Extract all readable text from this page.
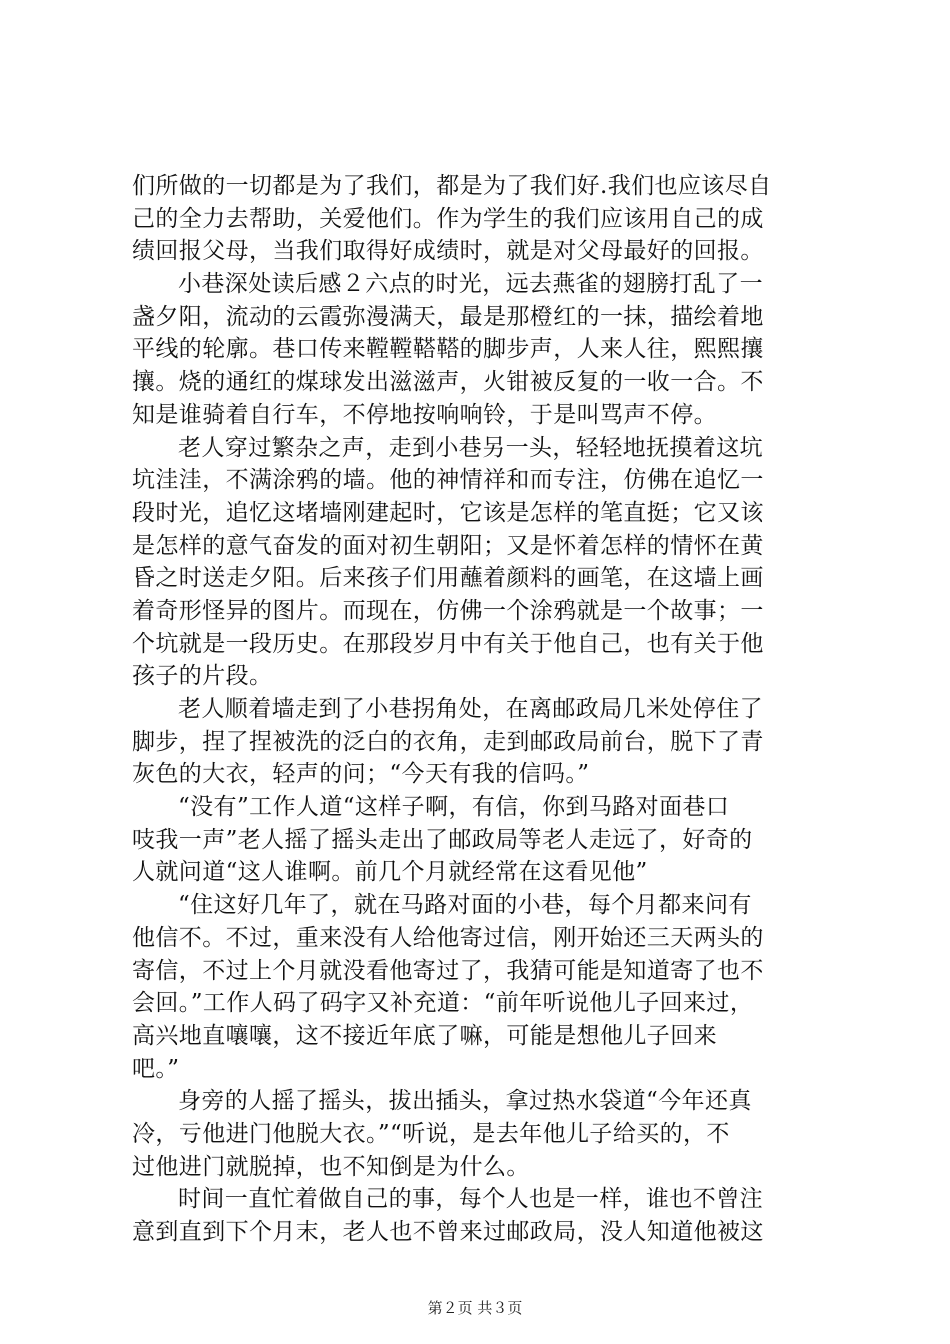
们所做的一切都是为了我们，都是为了我们好.我们也应该尽自
己的全力去帮助，关爱他们。作为学生的我们应该用自己的成
绩回报父母，当我们取得好成绩时，就是对父母最好的回报。
小巷深处读后感２六点的时光，远去燕雀的翅膀打乱了一
盏夕阳，流动的云霞弥漫满天，最是那橙红的一抹，描绘着地
平线的轮廓。巷口传来鞺鞺鞳鞳的脚步声，人来人往，熙熙攘
攘。烧的通红的煤球发出滋滋声，火钳被反复的一收一合。不
知是谁骑着自行车，不停地按响响铃，于是叫骂声不停。
老人穿过繁杂之声，走到小巷另一头，轻轻地抚摸着这坑
坑洼洼，不满涂鸦的墙。他的神情祥和而专注，仿佛在追忆一
段时光，追忆这堵墙刚建起时，它该是怎样的笔直挺；它又该
是怎样的意气奋发的面对初生朝阳；又是怀着怎样的情怀在黄
昏之时送走夕阳。后来孩子们用蘸着颜料的画笔，在这墙上画
着奇形怪异的图片。而现在，仿佛一个涂鸦就是一个故事；一
个坑就是一段历史。在那段岁月中有关于他自己，也有关于他
孩子的片段。
老人顺着墙走到了小巷拐角处，在离邮政局几米处停住了
脚步，捏了捏被洗的泛白的衣角，走到邮政局前台，脱下了青
灰色的大衣，轻声的问；“今天有我的信吗。”
“没有”工作人道“这样子啊，有信，你到马路对面巷口
吱我一声”老人摇了摇头走出了邮政局等老人走远了，好奇的
人就问道“这人谁啊。前几个月就经常在这看见他”
“住这好几年了，就在马路对面的小巷，每个月都来问有
他信不。不过，重来没有人给他寄过信，刚开始还三天两头的
寄信，不过上个月就没看他寄过了，我猜可能是知道寄了也不
会回。”工作人码了码字又补充道：“前年听说他儿子回来过，
高兴地直嚷嚷，这不接近年底了嘛，可能是想他儿子回来
吧。”
身旁的人摇了摇头，拔出插头，拿过热水袋道“今年还真
冷，亏他进门他脱大衣。”“听说，是去年他儿子给买的，不
过他进门就脱掉，也不知倒是为什么。
时间一直忙着做自己的事，每个人也是一样，谁也不曾注
意到直到下个月末，老人也不曾来过邮政局，没人知道他被这
第２页 共３页
